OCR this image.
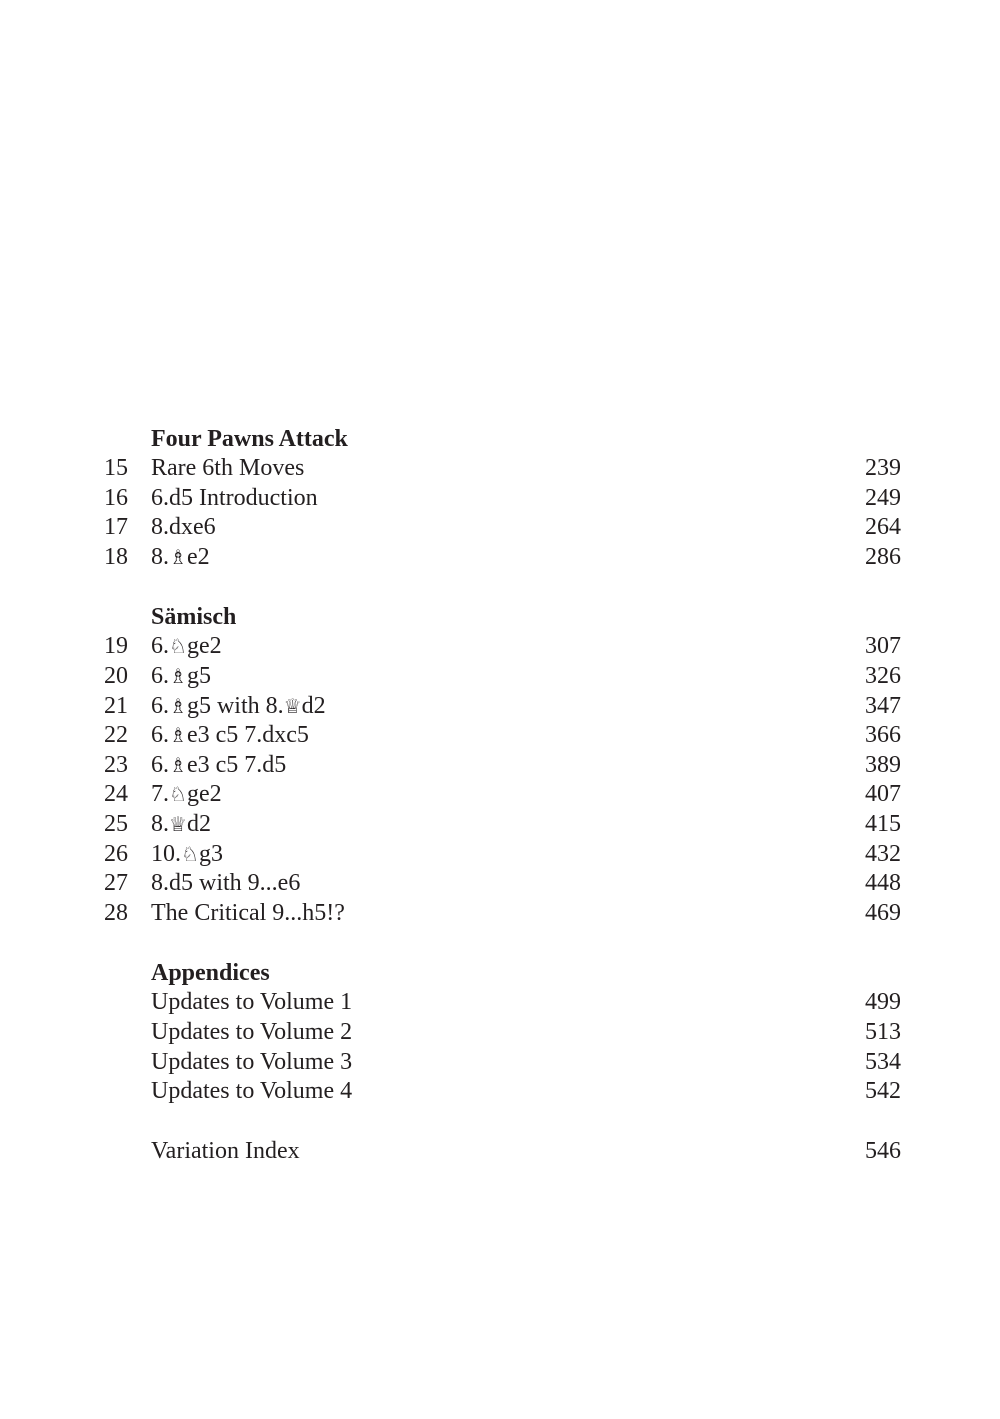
Four Pawns Attack
15 Rare 6th Moves	239
16 6.d5 Introduction	249
17 8.dxe6	264
18 8.♗e2	286
Sämisch
19 6.♘ge2	307
20 6.♗g5	326
21 6.♗g5 with 8.♕d2	347
22 6.♗e3 c5 7.dxc5	366
23 6.♗e3 c5 7.d5	389
24 7.♘ge2	407
25 8.♕d2	415
26 10.♘g3	432
27 8.d5 with 9...e6	448
28 The Critical 9...h5!?	469
Appendices
Updates to Volume 1	499
Updates to Volume 2	513
Updates to Volume 3	534
Updates to Volume 4	542
Variation Index	546
